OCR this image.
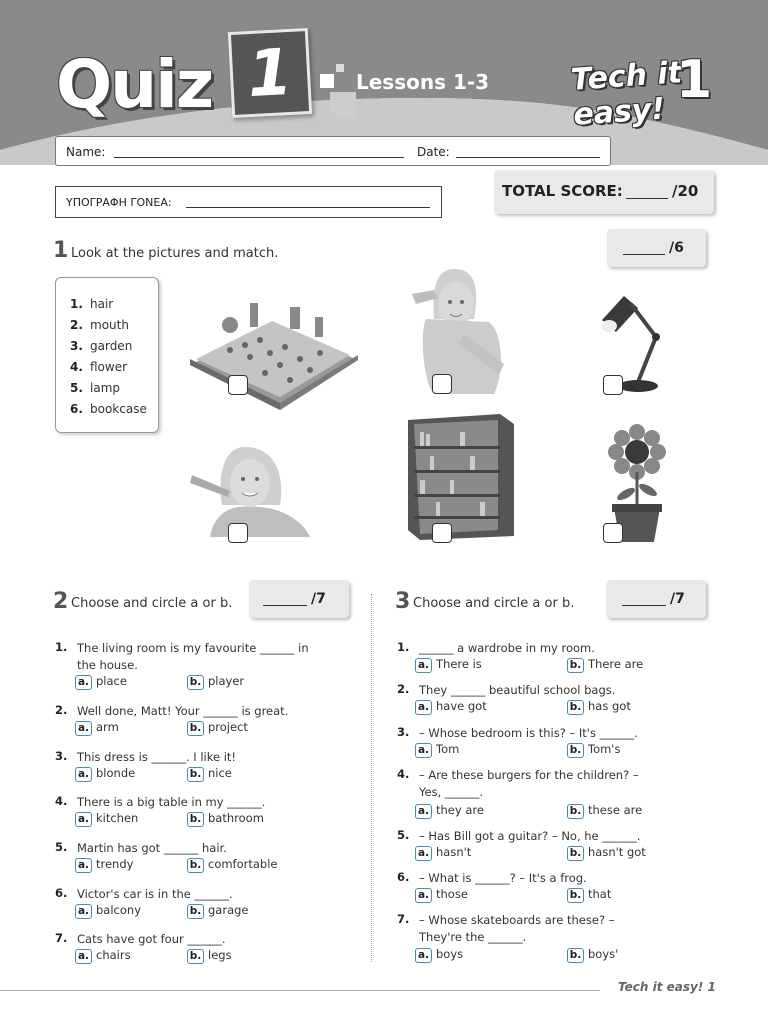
Quiz 1	Lessons 1-3	Tech it easy!
1
Name:	Date:
ΥΠΟΓΡΑΦΗ ΓΟΝΕΑ:
TOTAL SCORE:	/20
1 Look at the pictures and match.	/6
1. hair
2. mouth
3. garden
4. flower
5. lamp
6. bookcase
2 Choose and circle a or b.	/7
1. The living room is my favourite ______ in the house.
a. place	b. player
2. Well done, Matt! Your ______ is great.
a. arm	b. project
3. This dress is ______. I like it!
a. blonde	b. nice
4. There is a big table in my ______.
a. kitchen	b. bathroom
5. Martin has got ______ hair.
a. trendy	b. comfortable
6. Victor's car is in the ______.
a. balcony	b. garage
7. Cats have got four ______.
a. chairs	b. legs
3 Choose and circle a or b.	/7
1. ______ a wardrobe in my room.
a. There is	b. There are
2. They ______ beautiful school bags.
a. have got	b. has got
3. – Whose bedroom is this? – It's ______.
a. Tom	b. Tom's
4. – Are these burgers for the children? – Yes, ______.
a. they are	b. these are
5. – Has Bill got a guitar? – No, he ______.
a. hasn't	b. hasn't got
6. – What is ______? – It's a frog.
a. those	b. that
7. – Whose skateboards are these? – They're the ______.
a. boys	b. boys'
Tech it easy! 1
